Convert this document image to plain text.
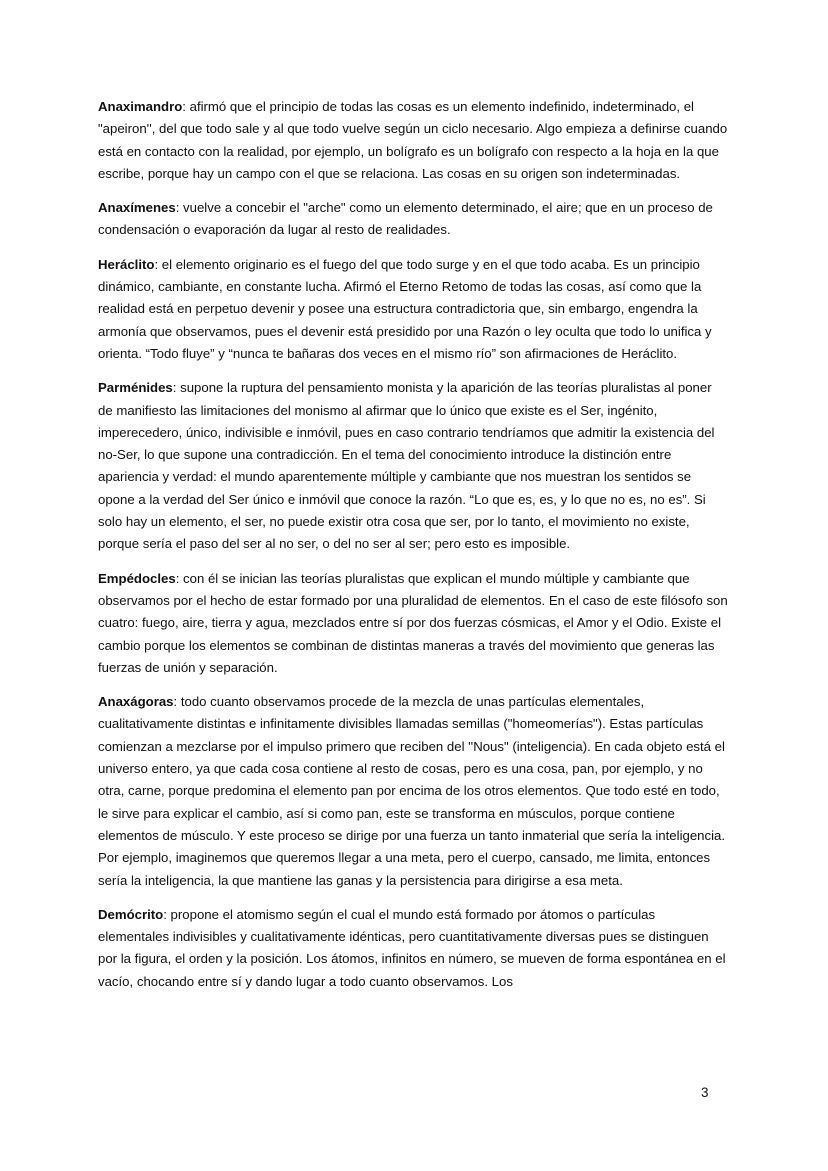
Anaximandro: afirmó que el principio de todas las cosas es un elemento indefinido, indeterminado, el "apeiron'', del que todo sale y al que todo vuelve según un ciclo necesario. Algo empieza a definirse cuando está en contacto con la realidad, por ejemplo, un bolígrafo es un bolígrafo con respecto a la hoja en la que escribe, porque hay un campo con el que se relaciona. Las cosas en su origen son indeterminadas.

Anaxímenes: vuelve a concebir el "arche" como un elemento determinado, el aire; que en un proceso de condensación o evaporación da lugar al resto de realidades.

Heráclito: el elemento originario es el fuego del que todo surge y en el que todo acaba. Es un principio dinámico, cambiante, en constante lucha. Afirmó el Eterno Retomo de todas las cosas, así como que la realidad está en perpetuo devenir y posee una estructura contradictoria que, sin embargo, engendra la armonía que observamos, pues el devenir está presidido por una Razón o ley oculta que todo lo unifica y orienta. “Todo fluye” y “nunca te bañaras dos veces en el mismo río” son afirmaciones de Heráclito.

Parménides: supone la ruptura del pensamiento monista y la aparición de las teorías pluralistas al poner de manifiesto las limitaciones del monismo al afirmar que lo único que existe es el Ser, ingénito, imperecedero, único, indivisible e inmóvil, pues en caso contrario tendríamos que admitir la existencia del no-Ser, lo que supone una contradicción. En el tema del conocimiento introduce la distinción entre apariencia y verdad: el mundo aparentemente múltiple y cambiante que nos muestran los sentidos se opone a la verdad del Ser único e inmóvil que conoce la razón. “Lo que es, es, y lo que no es, no es”. Si solo hay un elemento, el ser, no puede existir otra cosa que ser, por lo tanto, el movimiento no existe, porque sería el paso del ser al no ser, o del no ser al ser; pero esto es imposible.

Empédocles: con él se inician las teorías pluralistas que explican el mundo múltiple y cambiante que observamos por el hecho de estar formado por una pluralidad de elementos. En el caso de este filósofo son cuatro: fuego, aire, tierra y agua, mezclados entre sí por dos fuerzas cósmicas, el Amor y el Odio. Existe el cambio porque los elementos se combinan de distintas maneras a través del movimiento que generas las fuerzas de unión y separación.

Anaxágoras: todo cuanto observamos procede de la mezcla de unas partículas elementales, cualitativamente distintas e infinitamente divisibles llamadas semillas ("homeomerías"). Estas partículas comienzan a mezclarse por el impulso primero que reciben del ''Nous" (inteligencia). En cada objeto está el universo entero, ya que cada cosa contiene al resto de cosas, pero es una cosa, pan, por ejemplo, y no otra, carne, porque predomina el elemento pan por encima de los otros elementos. Que todo esté en todo, le sirve para explicar el cambio, así si como pan, este se transforma en músculos, porque contiene elementos de músculo. Y este proceso se dirige por una fuerza un tanto inmaterial que sería la inteligencia. Por ejemplo, imaginemos que queremos llegar a una meta, pero el cuerpo, cansado, me limita, entonces sería la inteligencia, la que mantiene las ganas y la persistencia para dirigirse a esa meta.

Demócrito: propone el atomismo según el cual el mundo está formado por átomos o partículas elementales indivisibles y cualitativamente idénticas, pero cuantitativamente diversas pues se distinguen por la figura, el orden y la posición. Los átomos, infinitos en número, se mueven de forma espontánea en el vacío, chocando entre sí y dando lugar a todo cuanto observamos. Los

3
